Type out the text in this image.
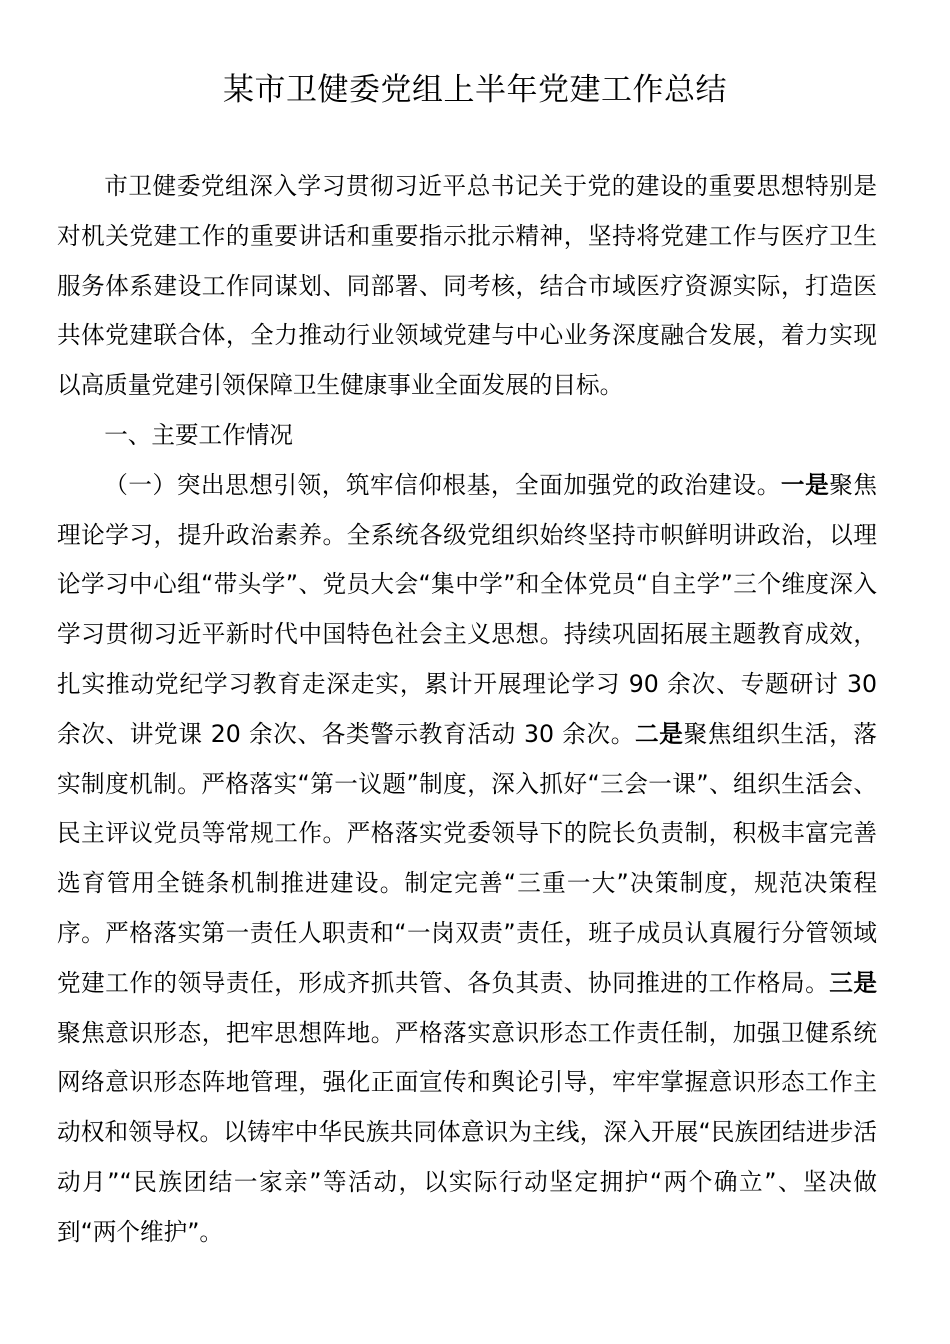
某市卫健委党组上半年党建工作总结

市卫健委党组深入学习贯彻习近平总书记关于党的建设的重要思想特别是对机关党建工作的重要讲话和重要指示批示精神，坚持将党建工作与医疗卫生服务体系建设工作同谋划、同部署、同考核，结合市域医疗资源实际，打造医共体党建联合体，全力推动行业领域党建与中心业务深度融合发展，着力实现以高质量党建引领保障卫生健康事业全面发展的目标。

一、主要工作情况

（一）突出思想引领，筑牢信仰根基，全面加强党的政治建设。一是聚焦理论学习，提升政治素养。全系统各级党组织始终坚持市帜鲜明讲政治，以理论学习中心组“带头学”、党员大会“集中学”和全体党员“自主学”三个维度深入学习贯彻习近平新时代中国特色社会主义思想。持续巩固拓展主题教育成效，扎实推动党纪学习教育走深走实，累计开展理论学习 90 余次、专题研讨 30 余次、讲党课 20 余次、各类警示教育活动 30 余次。二是聚焦组织生活，落实制度机制。严格落实“第一议题”制度，深入抓好“三会一课”、组织生活会、民主评议党员等常规工作。严格落实党委领导下的院长负责制，积极丰富完善选育管用全链条机制推进建设。制定完善“三重一大”决策制度，规范决策程序。严格落实第一责任人职责和“一岗双责”责任，班子成员认真履行分管领域党建工作的领导责任，形成齐抓共管、各负其责、协同推进的工作格局。三是聚焦意识形态，把牢思想阵地。严格落实意识形态工作责任制，加强卫健系统网络意识形态阵地管理，强化正面宣传和舆论引导，牢牢掌握意识形态工作主动权和领导权。以铸牢中华民族共同体意识为主线，深入开展“民族团结进步活动月”“民族团结一家亲”等活动，以实际行动坚定拥护“两个确立”、坚决做到“两个维护”。
